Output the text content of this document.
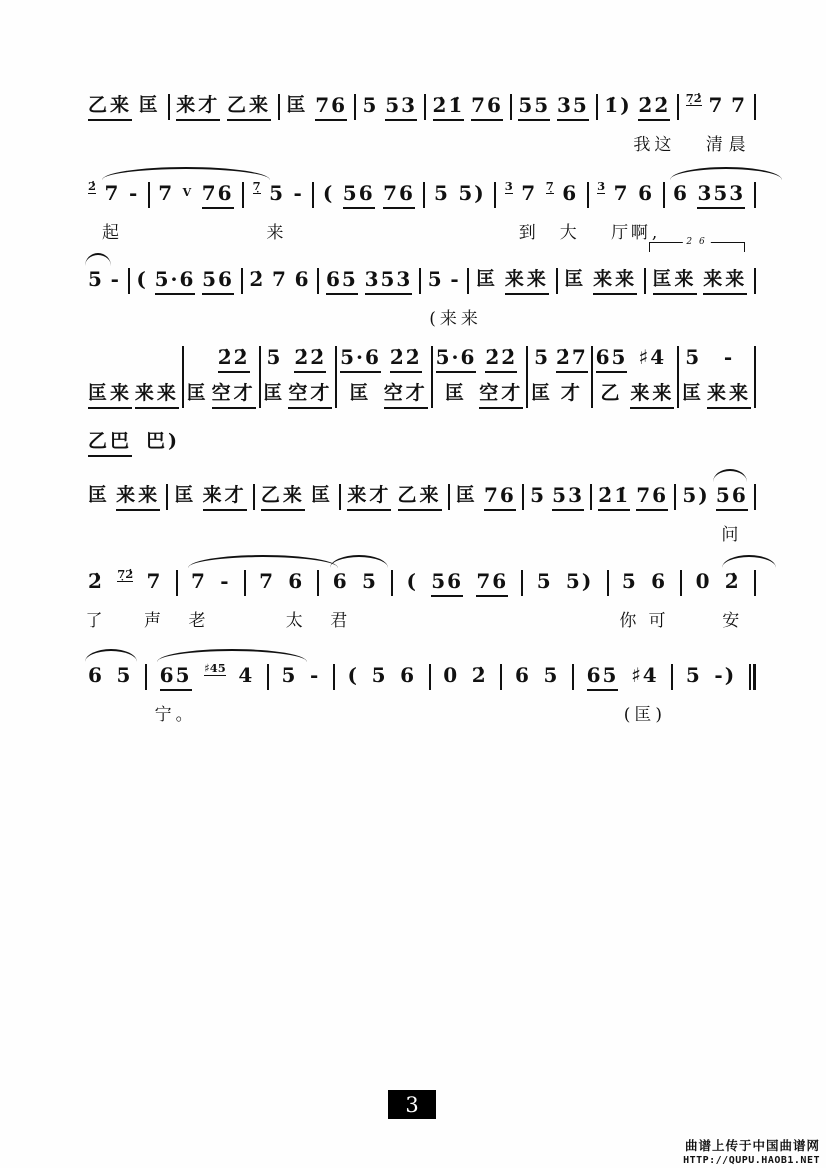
乙来 匡 来才 乙来 匡 76 5 53 2̇1̇ 76 55 35 1̇) 2̇2̇
我这
7̣2̇ 7
清
7
晨
2̇ 7
起
- 7 V 76 7̣ 5
来
- ( 56 76 5 5) 3 7
到
7̣ 6
大
3 7
厅
6
啊,
6 353
5 - ( 5·6 56 2̇ 7 6 65 353 5 -
(来来
匡 来来 匡 来来 匡来
2 6
来来
匡来 来来 匡
2̇2̇
空才
5
匡
2̇2̇
空才
5·6
匡
2̇2̇
空才
5·6
匡
2̇2̇
空才
5
匡
2̇7
才
65
乙
♯4
来来
5
匡
-
来来
乙巴 巴)
匡 来来 匡 来才 乙来 匡 来才 乙来 匡 76 5 53 2̇1̇ 76 5) 56
问
2̇
了
7̣2̇ 7
声
7
老
- 7 6
太
6
君
5 ( 56 76 5 5) 5
你
6
可
0 2̇
安
6 5 65
宁。
♯45 4 5 - ( 5 6 0 2̇ 6 5 65 ♯4
(匡)
5 -)
3
曲谱上传于中国曲谱网
HTTP://QUPU.HAOB1.NET
